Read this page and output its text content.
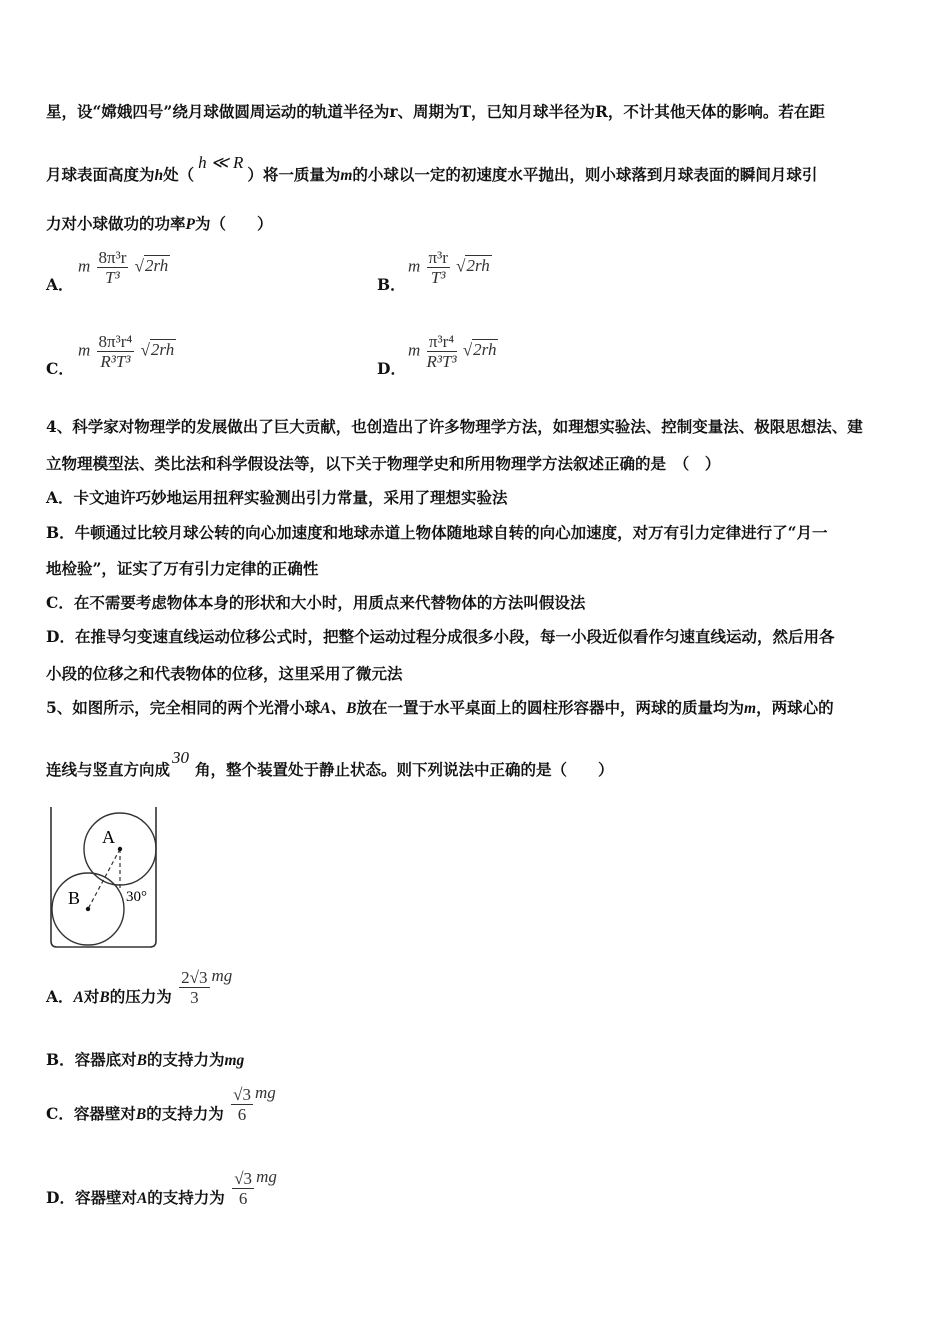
星，设“嫦娥四号”绕月球做圆周运动的轨道半径为r、周期为T，已知月球半径为R，不计其他天体的影响。若在距
月球表面高度为h处（h ≪ R）将一质量为m的小球以一定的初速度水平抛出，则小球落到月球表面的瞬间月球引
力对小球做功的功率P为（　　）
A．
m $\frac{\text{8π³r}}{\text{T³}} √2rh$
B．
m $\frac{\text{π³r}}{\text{T³}} √2rh$
C．
m $\frac{\text{8π³r⁴}}{\text{R³T³}} √2rh$
D．
m $\frac{\text{π³r⁴}}{\text{R³T³}} √2rh$
4、科学家对物理学的发展做出了巨大贡献，也创造出了许多物理学方法，如理想实验法、控制变量法、极限思想法、建
立物理模型法、类比法和科学假设法等，以下关于物理学史和所用物理学方法叙述正确的是　（　）
A．卡文迪许巧妙地运用扭秤实验测出引力常量，采用了理想实验法
B．牛顿通过比较月球公转的向心加速度和地球赤道上物体随地球自转的向心加速度，对万有引力定律进行了“月一
地检验”，证实了万有引力定律的正确性
C．在不需要考虑物体本身的形状和大小时，用质点来代替物体的方法叫假设法
D．在推导匀变速直线运动位移公式时，把整个运动过程分成很多小段，每一小段近似看作匀速直线运动，然后用各
小段的位移之和代表物体的位移，这里采用了微元法
5、如图所示，完全相同的两个光滑小球A、B放在一置于水平桌面上的圆柱形容器中，两球的质量均为m，两球心的
连线与竖直方向成30角，整个装置处于静止状态。则下列说法中正确的是（　　）
A
B	30°
A．A对B的压力为 $\frac{2√3}{3}$ mg
B．容器底对B的支持力为mg
C．容器壁对B的支持力为 $\frac{√3}{6}$ mg
D．容器壁对A的支持力为 $\frac{√3}{6}$ mg
